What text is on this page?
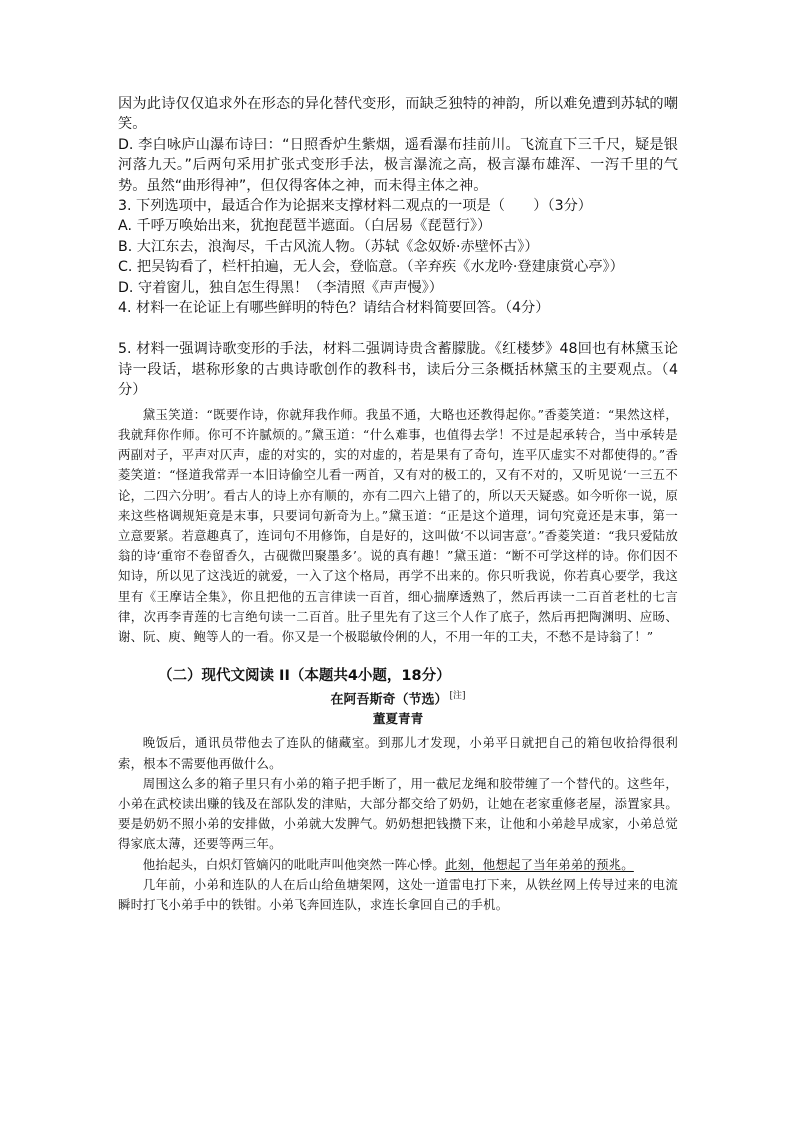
因为此诗仅仅追求外在形态的异化替代变形，而缺乏独特的神韵，所以难免遭到苏轼的嘲笑。

D. 李白咏庐山瀑布诗曰：“日照香炉生紫烟，遥看瀑布挂前川。飞流直下三千尺，疑是银河落九天。”后两句采用扩张式变形手法，极言瀑流之高，极言瀑布雄浑、一泻千里的气势。虽然“曲形得神”，但仅得客体之神，而未得主体之神。

3. 下列选项中，最适合作为论据来支撑材料二观点的一项是（　　）（3分）

A. 千呼万唤始出来，犹抱琵琶半遮面。（白居易《琵琶行》）

B. 大江东去，浪淘尽，千古风流人物。（苏轼《念奴娇·赤壁怀古》）

C. 把吴钩看了，栏杆拍遍，无人会，登临意。（辛弃疾《水龙吟·登建康赏心亭》）

D. 守着窗儿，独自怎生得黑！（李清照《声声慢》）

4. 材料一在论证上有哪些鲜明的特色？请结合材料简要回答。（4分）

5. 材料一强调诗歌变形的手法，材料二强调诗贵含蓄朦胧。《红楼梦》48回也有林黛玉论诗一段话，堪称形象的古典诗歌创作的教科书，读后分三条概括林黛玉的主要观点。（4分）

黛玉笑道：“既要作诗，你就拜我作师。我虽不通，大略也还教得起你。”香菱笑道：“果然这样，我就拜你作师。你可不许腻烦的。”黛玉道：“什么难事，也值得去学！不过是起承转合，当中承转是两副对子，平声对仄声，虚的对实的，实的对虚的，若是果有了奇句，连平仄虚实不对都使得的。”香菱笑道：“怪道我常弄一本旧诗偷空儿看一两首，又有对的极工的，又有不对的，又听见说‘一三五不论，二四六分明’。看古人的诗上亦有顺的，亦有二四六上错了的，所以天天疑惑。如今听你一说，原来这些格调规矩竟是末事，只要词句新奇为上。”黛玉道：“正是这个道理，词句究竟还是末事，第一立意要紧。若意趣真了，连词句不用修饰，自是好的，这叫做‘不以词害意’。”香菱笑道：“我只爱陆放翁的诗‘重帘不卷留香久，古砚微凹聚墨多’。说的真有趣！”黛玉道：“断不可学这样的诗。你们因不知诗，所以见了这浅近的就爱，一入了这个格局，再学不出来的。你只听我说，你若真心要学，我这里有《王摩诘全集》，你且把他的五言律读一百首，细心揣摩透熟了，然后再读一二百首老杜的七言律，次再李青莲的七言绝句读一二百首。肚子里先有了这三个人作了底子，然后再把陶渊明、应旸、谢、阮、庾、鲍等人的一看。你又是一个极聪敏伶俐的人，不用一年的工夫，不愁不是诗翁了！”

（二）现代文阅读 II（本题共4小题，18分）
在阿吾斯奇（节选） [注]
董夏青青

晚饭后，通讯员带他去了连队的储藏室。到那儿才发现，小弟平日就把自己的箱包收拾得很利索，根本不需要他再做什么。

周围这么多的箱子里只有小弟的箱子把手断了，用一截尼龙绳和胶带缠了一个替代的。这些年，小弟在武校读出赚的钱及在部队发的津贴，大部分都交给了奶奶，让她在老家重修老屋，添置家具。要是奶奶不照小弟的安排做，小弟就大发脾气。奶奶想把钱攒下来，让他和小弟趁早成家，小弟总觉得家底太薄，还要等两三年。

他抬起头，白炽灯管嫡闪的吡吡声叫他突然一阵心悸。此刻，他想起了当年弟弟的预兆。

几年前，小弟和连队的人在后山给鱼塘架网，这处一道雷电打下来，从铁丝网上传导过来的电流瞬时打飞小弟手中的铁钳。小弟飞奔回连队，求连长拿回自己的手机。
